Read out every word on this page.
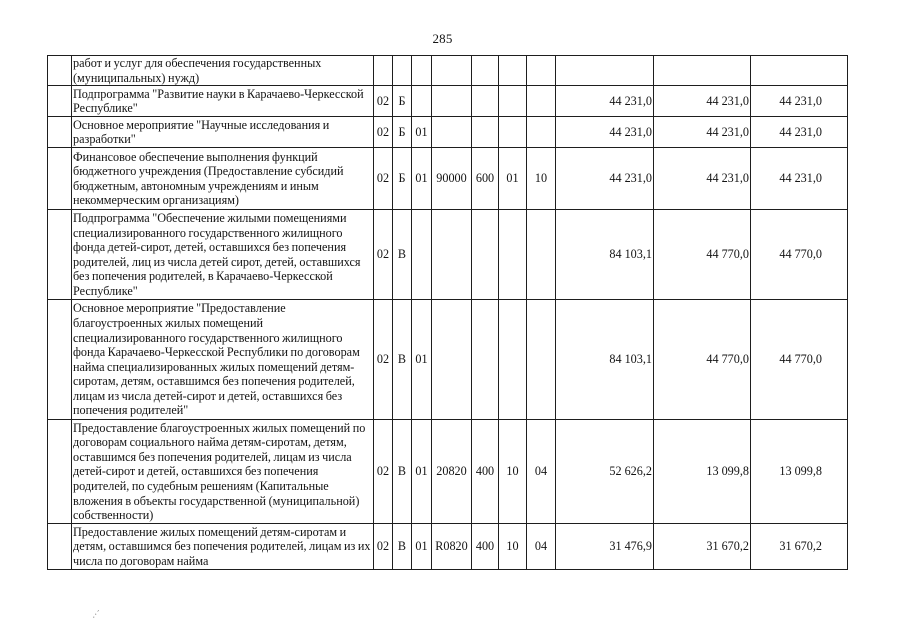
285
	работ и услуг для обеспечения государственных (муниципальных) нужд)										
	Подпрограмма "Развитие науки в Карачаево-Черкесской Республике"	02	Б						44 231,0	44 231,0	44 231,0
	Основное мероприятие "Научные исследования и разработки"	02	Б	01					44 231,0	44 231,0	44 231,0
	Финансовое обеспечение выполнения функций бюджетного учреждения (Предоставление субсидий бюджетным, автономным учреждениям и иным некоммерческим организациям)	02	Б	01	90000	600	01	10	44 231,0	44 231,0	44 231,0
	Подпрограмма "Обеспечение жилыми помещениями специализированного государственного жилищного фонда детей-сирот, детей, оставшихся без попечения родителей, лиц из числа детей сирот, детей, оставшихся без попечения родителей, в Карачаево-Черкесской Республике"	02	В						84 103,1	44 770,0	44 770,0
	Основное мероприятие "Предоставление благоустроенных жилых помещений специализированного государственного жилищного фонда Карачаево-Черкесской Республики по договорам найма специализированных жилых помещений детям-сиротам, детям, оставшимся без попечения родителей, лицам из числа детей-сирот и детей, оставшихся без попечения родителей"	02	В	01					84 103,1	44 770,0	44 770,0
	Предоставление благоустроенных жилых помещений по договорам социального найма детям-сиротам, детям, оставшимся без попечения родителей, лицам из числа детей-сирот и детей, оставшихся без попечения родителей, по судебным решениям (Капитальные вложения в объекты государственной (муниципальной) собственности)	02	В	01	20820	400	10	04	52 626,2	13 099,8	13 099,8
	Предоставление жилых помещений детям-сиротам и детям, оставшимся без попечения родителей, лицам из их числа по договорам найма	02	В	01	R0820	400	10	04	31 476,9	31 670,2	31 670,2
.·´
